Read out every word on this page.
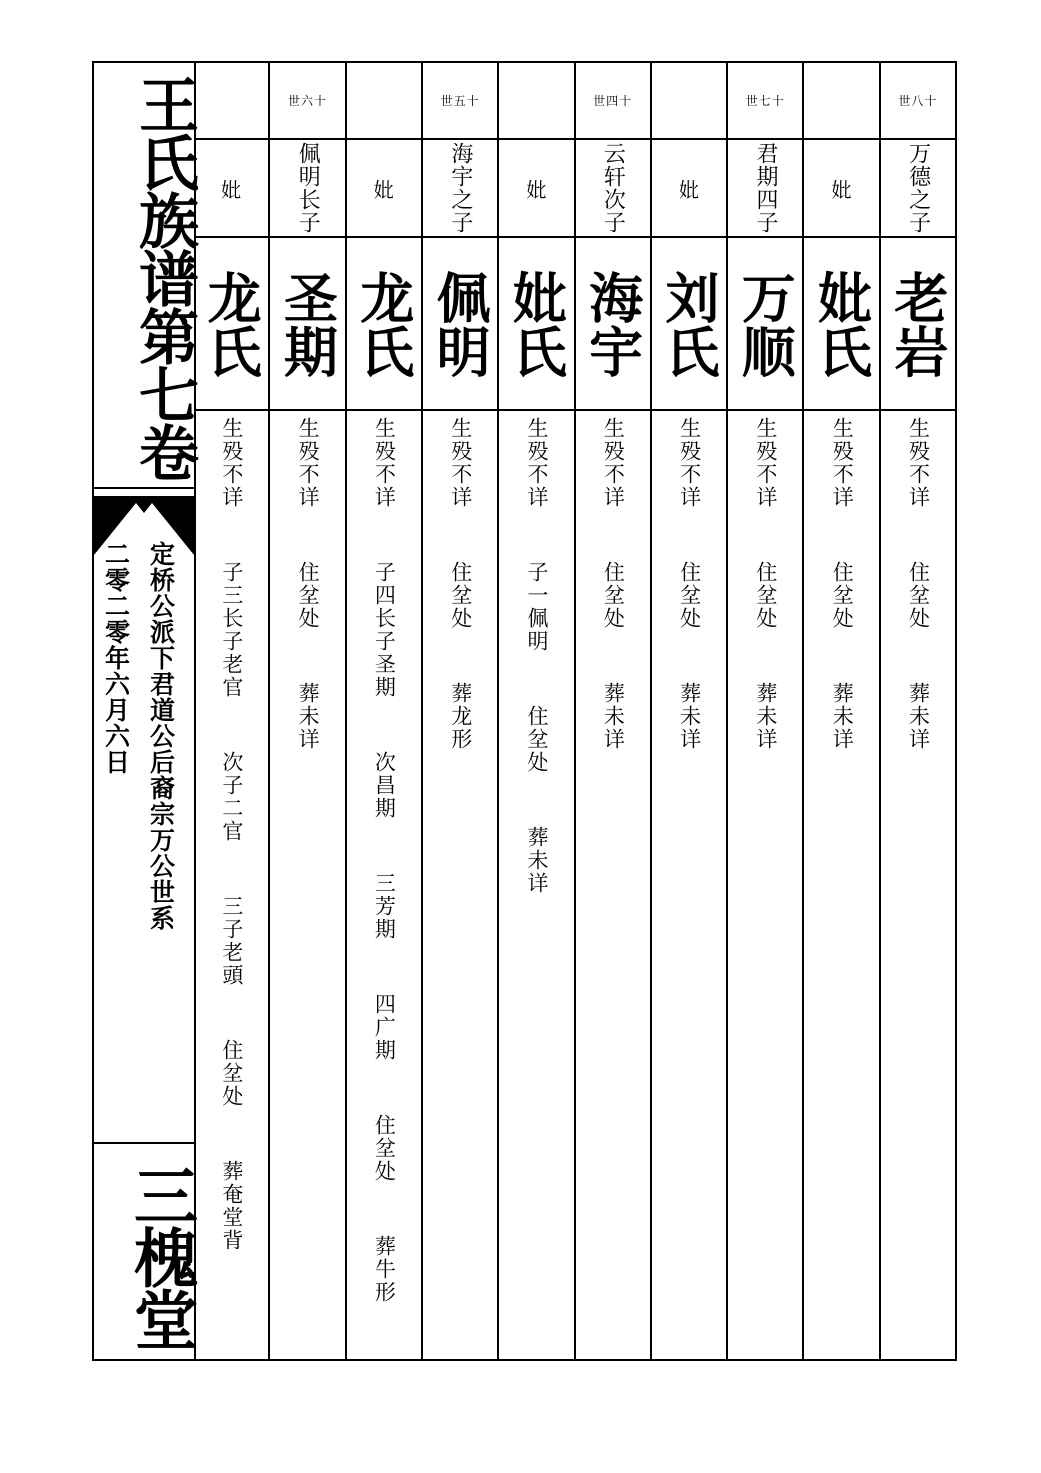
王氏族谱第七卷
定桥公派下君道公后裔宗万公世系
二零二零年六月六日
三槐堂
世八十
万德之子
老岩
生殁不详  住坌处  葬未详
妣
妣氏
生殁不详  住坌处  葬未详
世七十
君期四子
万顺
生殁不详  住坌处  葬未详
妣
刘氏
生殁不详  住坌处  葬未详
世四十
云轩次子
海宇
生殁不详  住坌处  葬未详
妣
妣氏
生殁不详  子一佩明  住坌处  葬未详
世五十
海宇之子
佩明
生殁不详  住坌处  葬龙形
妣
龙氏
生殁不详  子四长子圣期  次昌期  三芳期  四广期  住坌处  葬牛形
世六十
佩明长子
圣期
生殁不详  住坌处  葬未详
妣
龙氏
生殁不详  子三长子老官  次子二官  三子老頭  住坌处  葬奄堂背
